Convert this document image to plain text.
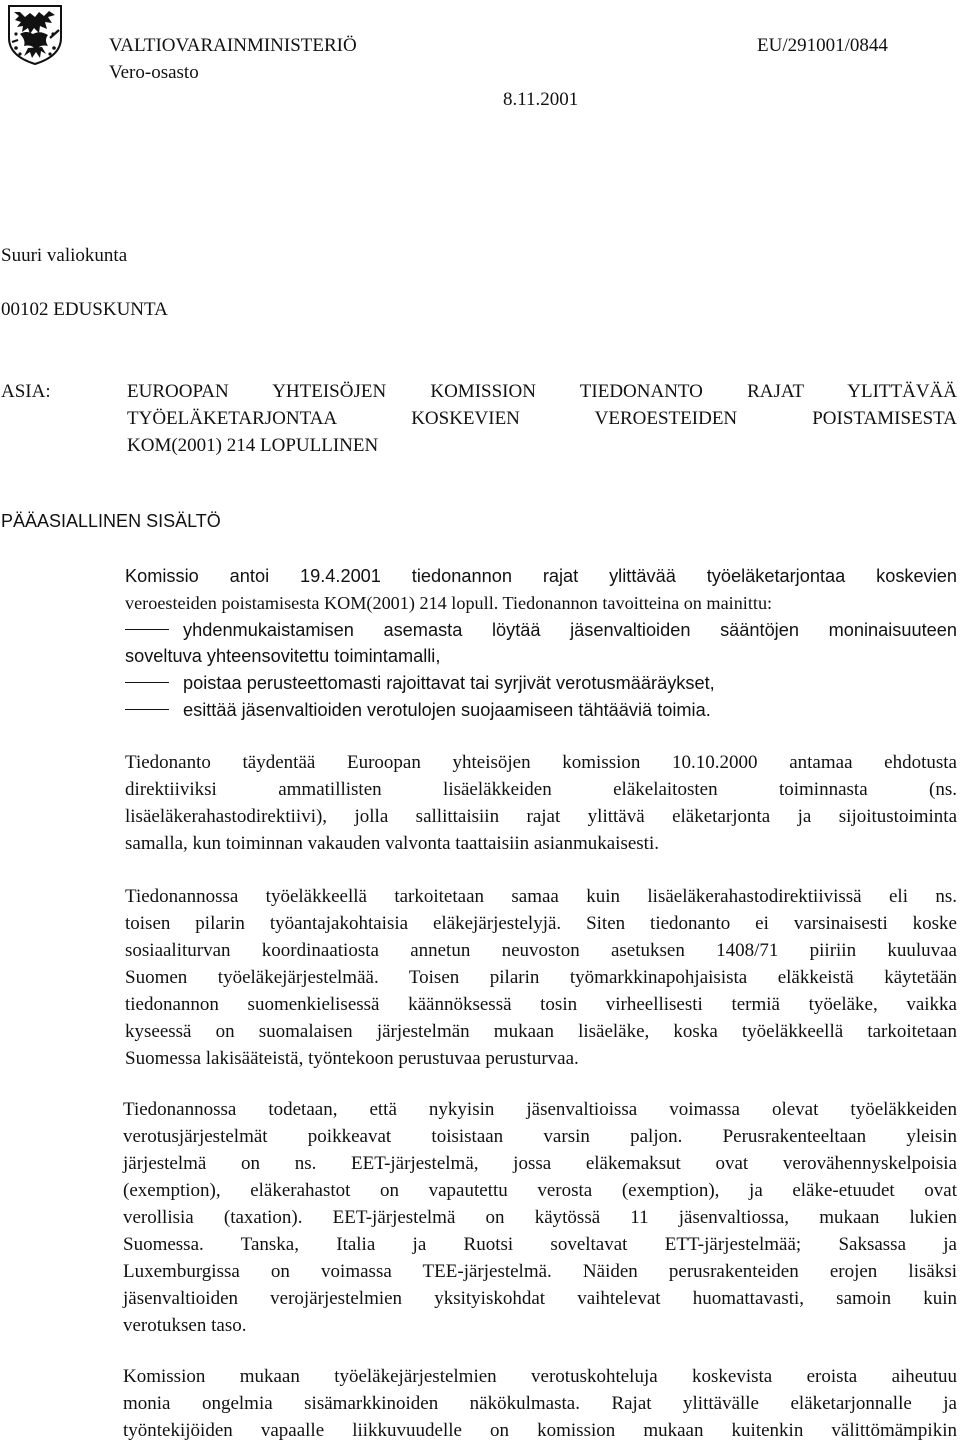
VALTIOVARAINMINISTERIÖ
Vero-osasto
EU/291001/0844
8.11.2001
Suuri valiokunta
00102 EDUSKUNTA
ASIA:	EUROOPAN YHTEISÖJEN KOMISSION TIEDONANTO RAJAT YLITTÄVÄÄ
TYÖELÄKETARJONTAA KOSKEVIEN VEROESTEIDEN POISTAMISESTA
KOM(2001) 214 LOPULLINEN
PÄÄASIALLINEN SISÄLTÖ
Komissio antoi 19.4.2001 tiedonannon rajat ylittävää työeläketarjontaa koskevien
veroesteiden poistamisesta KOM(2001) 214 lopull. Tiedonannon tavoitteina on mainittu:
yhdenmukaistamisen asemasta löytää jäsenvaltioiden sääntöjen moninaisuuteen
soveltuva yhteensovitettu toimintamalli,
poistaa perusteettomasti rajoittavat tai syrjivät verotusmääräykset,
esittää jäsenvaltioiden verotulojen suojaamiseen tähtääviä toimia.
Tiedonanto täydentää Euroopan yhteisöjen komission 10.10.2000 antamaa ehdotusta
direktiiviksi ammatillisten lisäeläkkeiden eläkelaitosten toiminnasta (ns.
lisäeläkerahastodirektiivi), jolla sallittaisiin rajat ylittävä eläketarjonta ja sijoitustoiminta
samalla, kun toiminnan vakauden valvonta taattaisiin asianmukaisesti.
Tiedonannossa työeläkkeellä tarkoitetaan samaa kuin lisäeläkerahastodirektiivissä eli ns.
toisen pilarin työantajakohtaisia eläkejärjestelyjä. Siten tiedonanto ei varsinaisesti koske
sosiaaliturvan koordinaatiosta annetun neuvoston asetuksen 1408/71 piiriin kuuluvaa
Suomen työeläkejärjestelmää. Toisen pilarin työmarkkinapohjaisista eläkkeistä käytetään
tiedonannon suomenkielisessä käännöksessä tosin virheellisesti termiä työeläke, vaikka
kyseessä on suomalaisen järjestelmän mukaan lisäeläke, koska työeläkkeellä tarkoitetaan
Suomessa lakisääteistä, työntekoon perustuvaa perusturvaa.
Tiedonannossa todetaan, että nykyisin jäsenvaltioissa voimassa olevat työeläkkeiden
verotusjärjestelmät poikkeavat toisistaan varsin paljon. Perusrakenteeltaan yleisin
järjestelmä on ns. EET-järjestelmä, jossa eläkemaksut ovat verovähennyskelpoisia
(exemption), eläkerahastot on vapautettu verosta (exemption), ja eläke-etuudet ovat
verollisia (taxation). EET-järjestelmä on käytössä 11 jäsenvaltiossa, mukaan lukien
Suomessa. Tanska, Italia ja Ruotsi soveltavat ETT-järjestelmää; Saksassa ja
Luxemburgissa on voimassa TEE-järjestelmä. Näiden perusrakenteiden erojen lisäksi
jäsenvaltioiden verojärjestelmien yksityiskohdat vaihtelevat huomattavasti, samoin kuin
verotuksen taso.
Komission mukaan työeläkejärjestelmien verotuskohteluja koskevista eroista aiheutuu
monia ongelmia sisämarkkinoiden näkökulmasta. Rajat ylittävälle eläketarjonnalle ja
työntekijöiden vapaalle liikkuvuudelle on komission mukaan kuitenkin välittömämpikin
